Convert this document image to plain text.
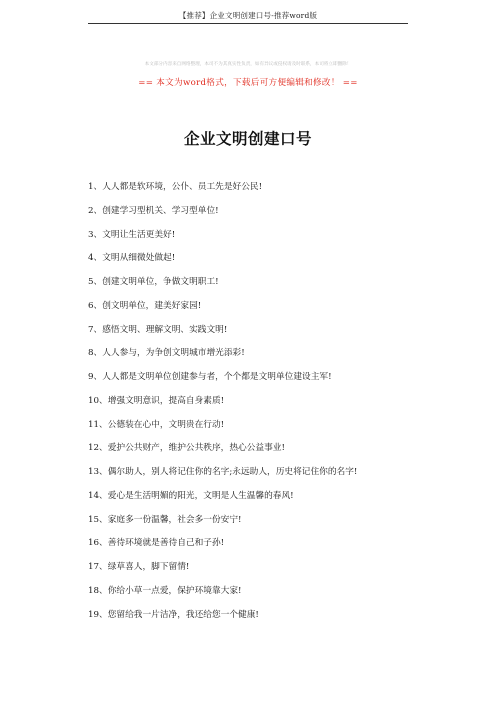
【推荐】企业文明创建口号-推荐word版
本文部分内容来自网络整理，本司不为其真实性负责，如有异议或侵权请及时联系，本司将立即删除！
== 本文为word格式，下载后可方便编辑和修改！ ==
企业文明创建口号
1、人人都是软环境，公仆、员工先是好公民!
2、创建学习型机关、学习型单位!
3、文明让生活更美好!
4、文明从细微处做起!
5、创建文明单位，争做文明职工!
6、创文明单位，建美好家园!
7、感悟文明、理解文明、实践文明!
8、人人参与，为争创文明城市增光添彩!
9、人人都是文明单位创建参与者，个个都是文明单位建设主军!
10、增强文明意识，提高自身素质!
11、公德装在心中，文明贵在行动!
12、爱护公共财产，维护公共秩序，热心公益事业!
13、偶尔助人，别人将记住你的名字;永远助人，历史将记住你的名字!
14、爱心是生活明媚的阳光，文明是人生温馨的春风!
15、家庭多一份温馨，社会多一份安宁!
16、善待环境就是善待自己和子孙!
17、绿草喜人，脚下留情!
18、你给小草一点爱，保护环境靠大家!
19、您留给我一片洁净，我还给您一个健康!
